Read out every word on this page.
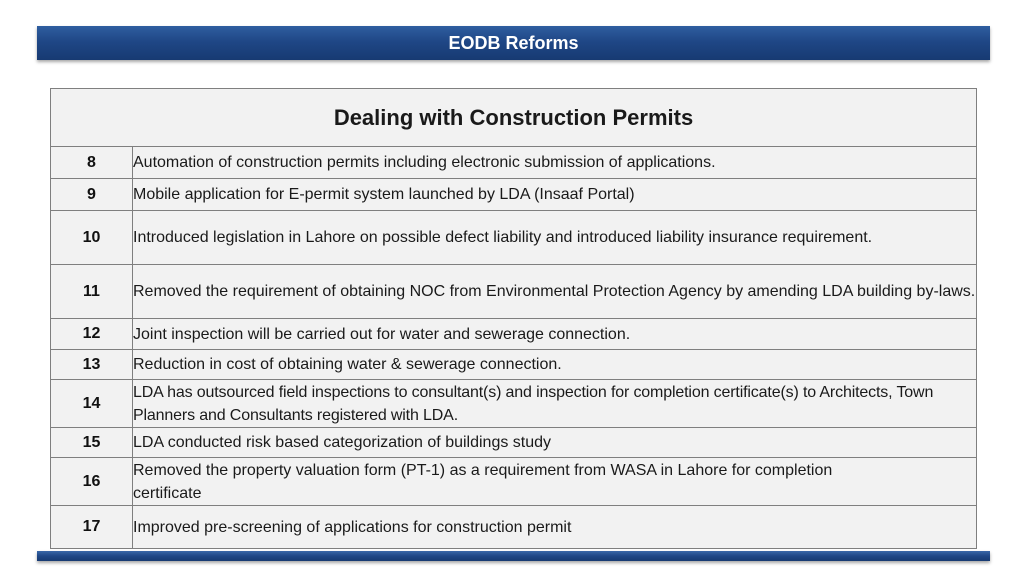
EODB Reforms
Dealing with Construction Permits	
8	Automation of construction permits including electronic submission of applications.
9	Mobile application for E-permit system launched by LDA (Insaaf Portal)
10	Introduced legislation in Lahore on possible defect liability and introduced liability insurance requirement.
11	Removed the requirement of obtaining NOC from Environmental Protection Agency by amending LDA building by-laws.
12	Joint inspection will be carried out for water and sewerage connection.
13	Reduction in cost of obtaining water & sewerage connection.
14	LDA has outsourced field inspections to consultant(s) and inspection for completion certificate(s) to Architects, Town Planners and Consultants registered with LDA.
15	LDA conducted risk based categorization of buildings study
16	Removed the property valuation form (PT-1) as a requirement from WASA in Lahore for completion certificate
17	Improved pre-screening of applications for construction permit
